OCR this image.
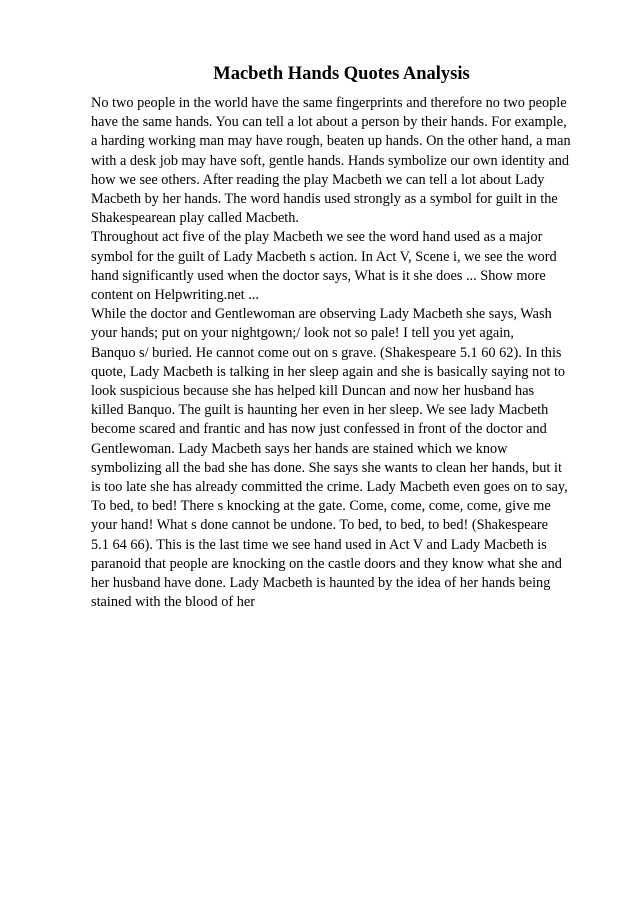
Macbeth Hands Quotes Analysis

No two people in the world have the same fingerprints and therefore no two people
have the same hands. You can tell a lot about a person by their hands. For example,
a harding working man may have rough, beaten up hands. On the other hand, a man
with a desk job may have soft, gentle hands. Hands symbolize our own identity and
how we see others. After reading the play Macbeth we can tell a lot about Lady
Macbeth by her hands. The word handis used strongly as a symbol for guilt in the
Shakespearean play called Macbeth.

Throughout act five of the play Macbeth we see the word hand used as a major
symbol for the guilt of Lady Macbeth s action. In Act V, Scene i, we see the word
hand significantly used when the doctor says, What is it she does ... Show more
content on Helpwriting.net ...

While the doctor and Gentlewoman are observing Lady Macbeth she says, Wash
your hands; put on your nightgown;/ look not so pale! I tell you yet again,
Banquo s/ buried. He cannot come out on s grave. (Shakespeare 5.1 60 62). In this
quote, Lady Macbeth is talking in her sleep again and she is basically saying not to
look suspicious because she has helped kill Duncan and now her husband has
killed Banquo. The guilt is haunting her even in her sleep. We see lady Macbeth
become scared and frantic and has now just confessed in front of the doctor and
Gentlewoman. Lady Macbeth says her hands are stained which we know
symbolizing all the bad she has done. She says she wants to clean her hands, but it
is too late she has already committed the crime. Lady Macbeth even goes on to say,
To bed, to bed! There s knocking at the gate. Come, come, come, come, give me
your hand! What s done cannot be undone. To bed, to bed, to bed! (Shakespeare
5.1 64 66). This is the last time we see hand used in Act V and Lady Macbeth is
paranoid that people are knocking on the castle doors and they know what she and
her husband have done. Lady Macbeth is haunted by the idea of her hands being
stained with the blood of her
